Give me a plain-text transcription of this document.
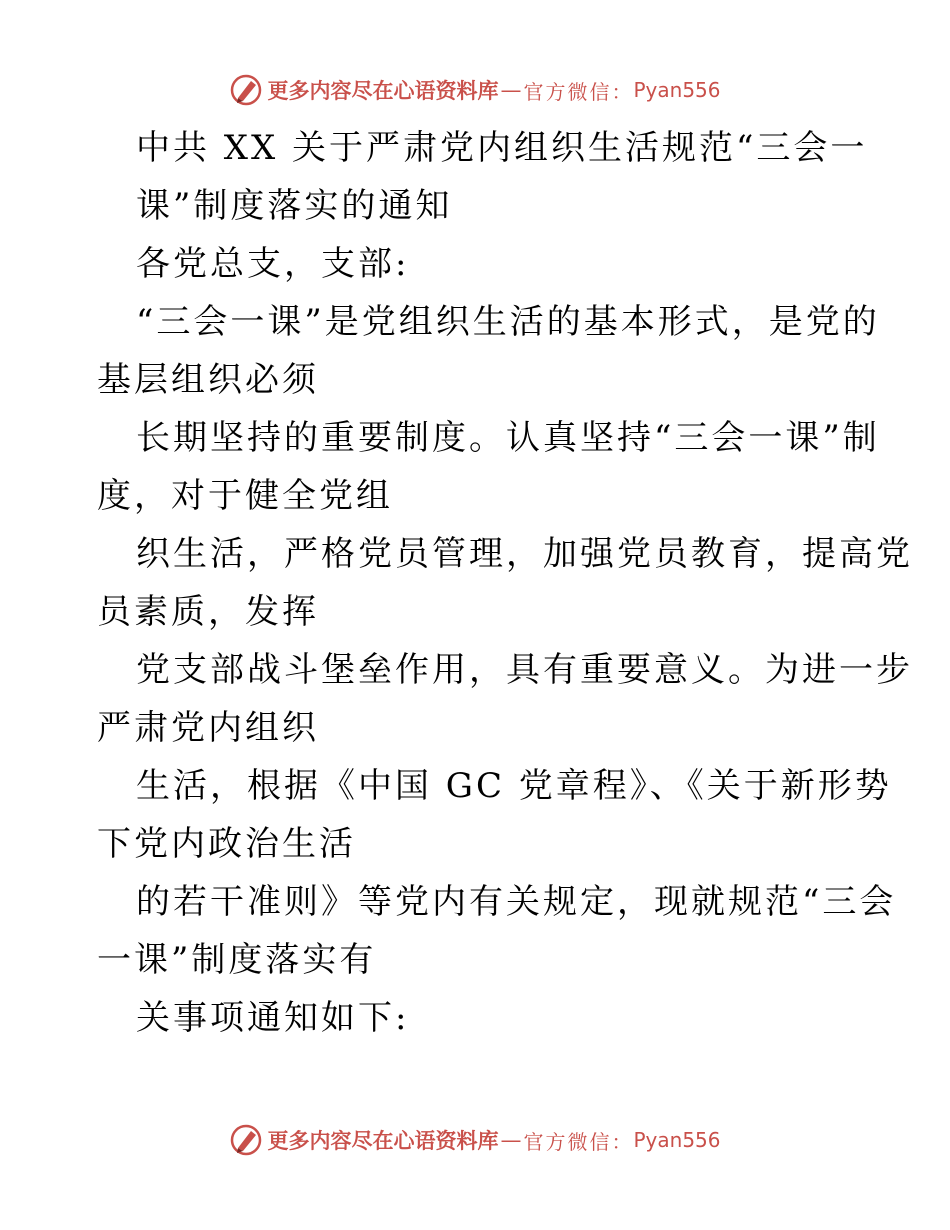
更多内容尽在心语资料库 — 官方微信： Pyan556
中共 XX 关于严肃党内组织生活规范“三会一
课”制度落实的通知
各党总支，支部:
“三会一课”是党组织生活的基本形式，是党的
基层组织必须
长期坚持的重要制度。认真坚持“三会一课”制
度，对于健全党组
织生活，严格党员管理，加强党员教育，提高党
员素质，发挥
党支部战斗堡垒作用，具有重要意义。为进一步
严肃党内组织
生活，根据《中国 GC 党章程》、《关于新形势
下党内政治生活
的若干准则》等党内有关规定，现就规范“三会
一课”制度落实有
关事项通知如下:
更多内容尽在心语资料库 — 官方微信： Pyan556
